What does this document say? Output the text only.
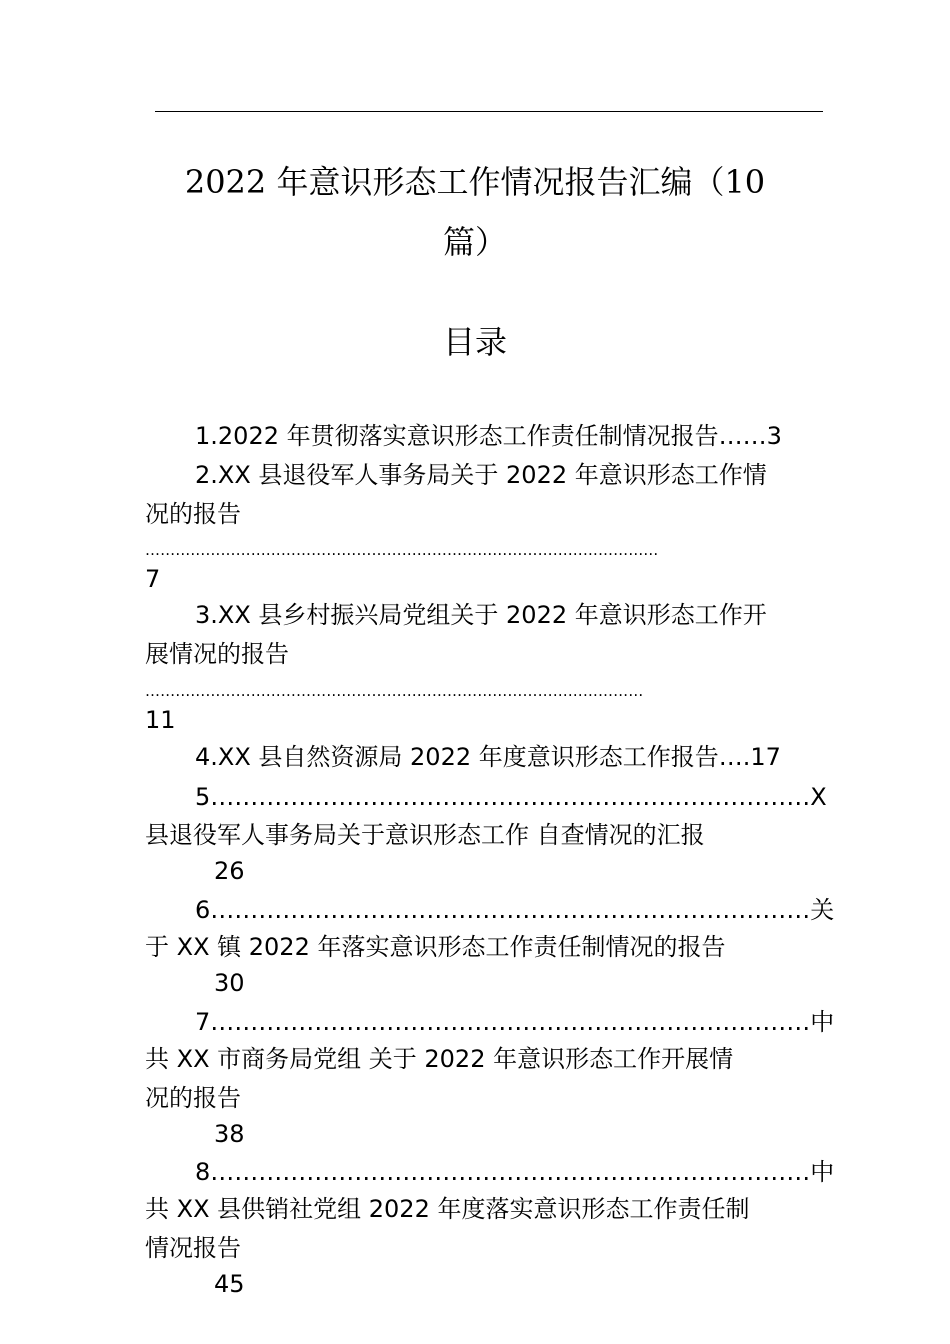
2022 年意识形态工作情况报告汇编（10
篇）
目录
1.2022 年贯彻落实意识形态工作责任制情况报告……3
2.XX 县退役军人事务局关于 2022 年意识形态工作情
况的报告
…………………………………………………………………………………………
7
3.XX 县乡村振兴局党组关于 2022 年意识形态工作开
展情况的报告
………………………………………………………………………………………
11
4.XX 县自然资源局 2022 年度意识形态工作报告….17
5…………………………………………………………………X
县退役军人事务局关于意识形态工作 自查情况的汇报
26
6…………………………………………………………………关
于 XX 镇 2022 年落实意识形态工作责任制情况的报告
30
7…………………………………………………………………中
共 XX 市商务局党组 关于 2022 年意识形态工作开展情
况的报告
38
8…………………………………………………………………中
共 XX 县供销社党组 2022 年度落实意识形态工作责任制
情况报告
45
